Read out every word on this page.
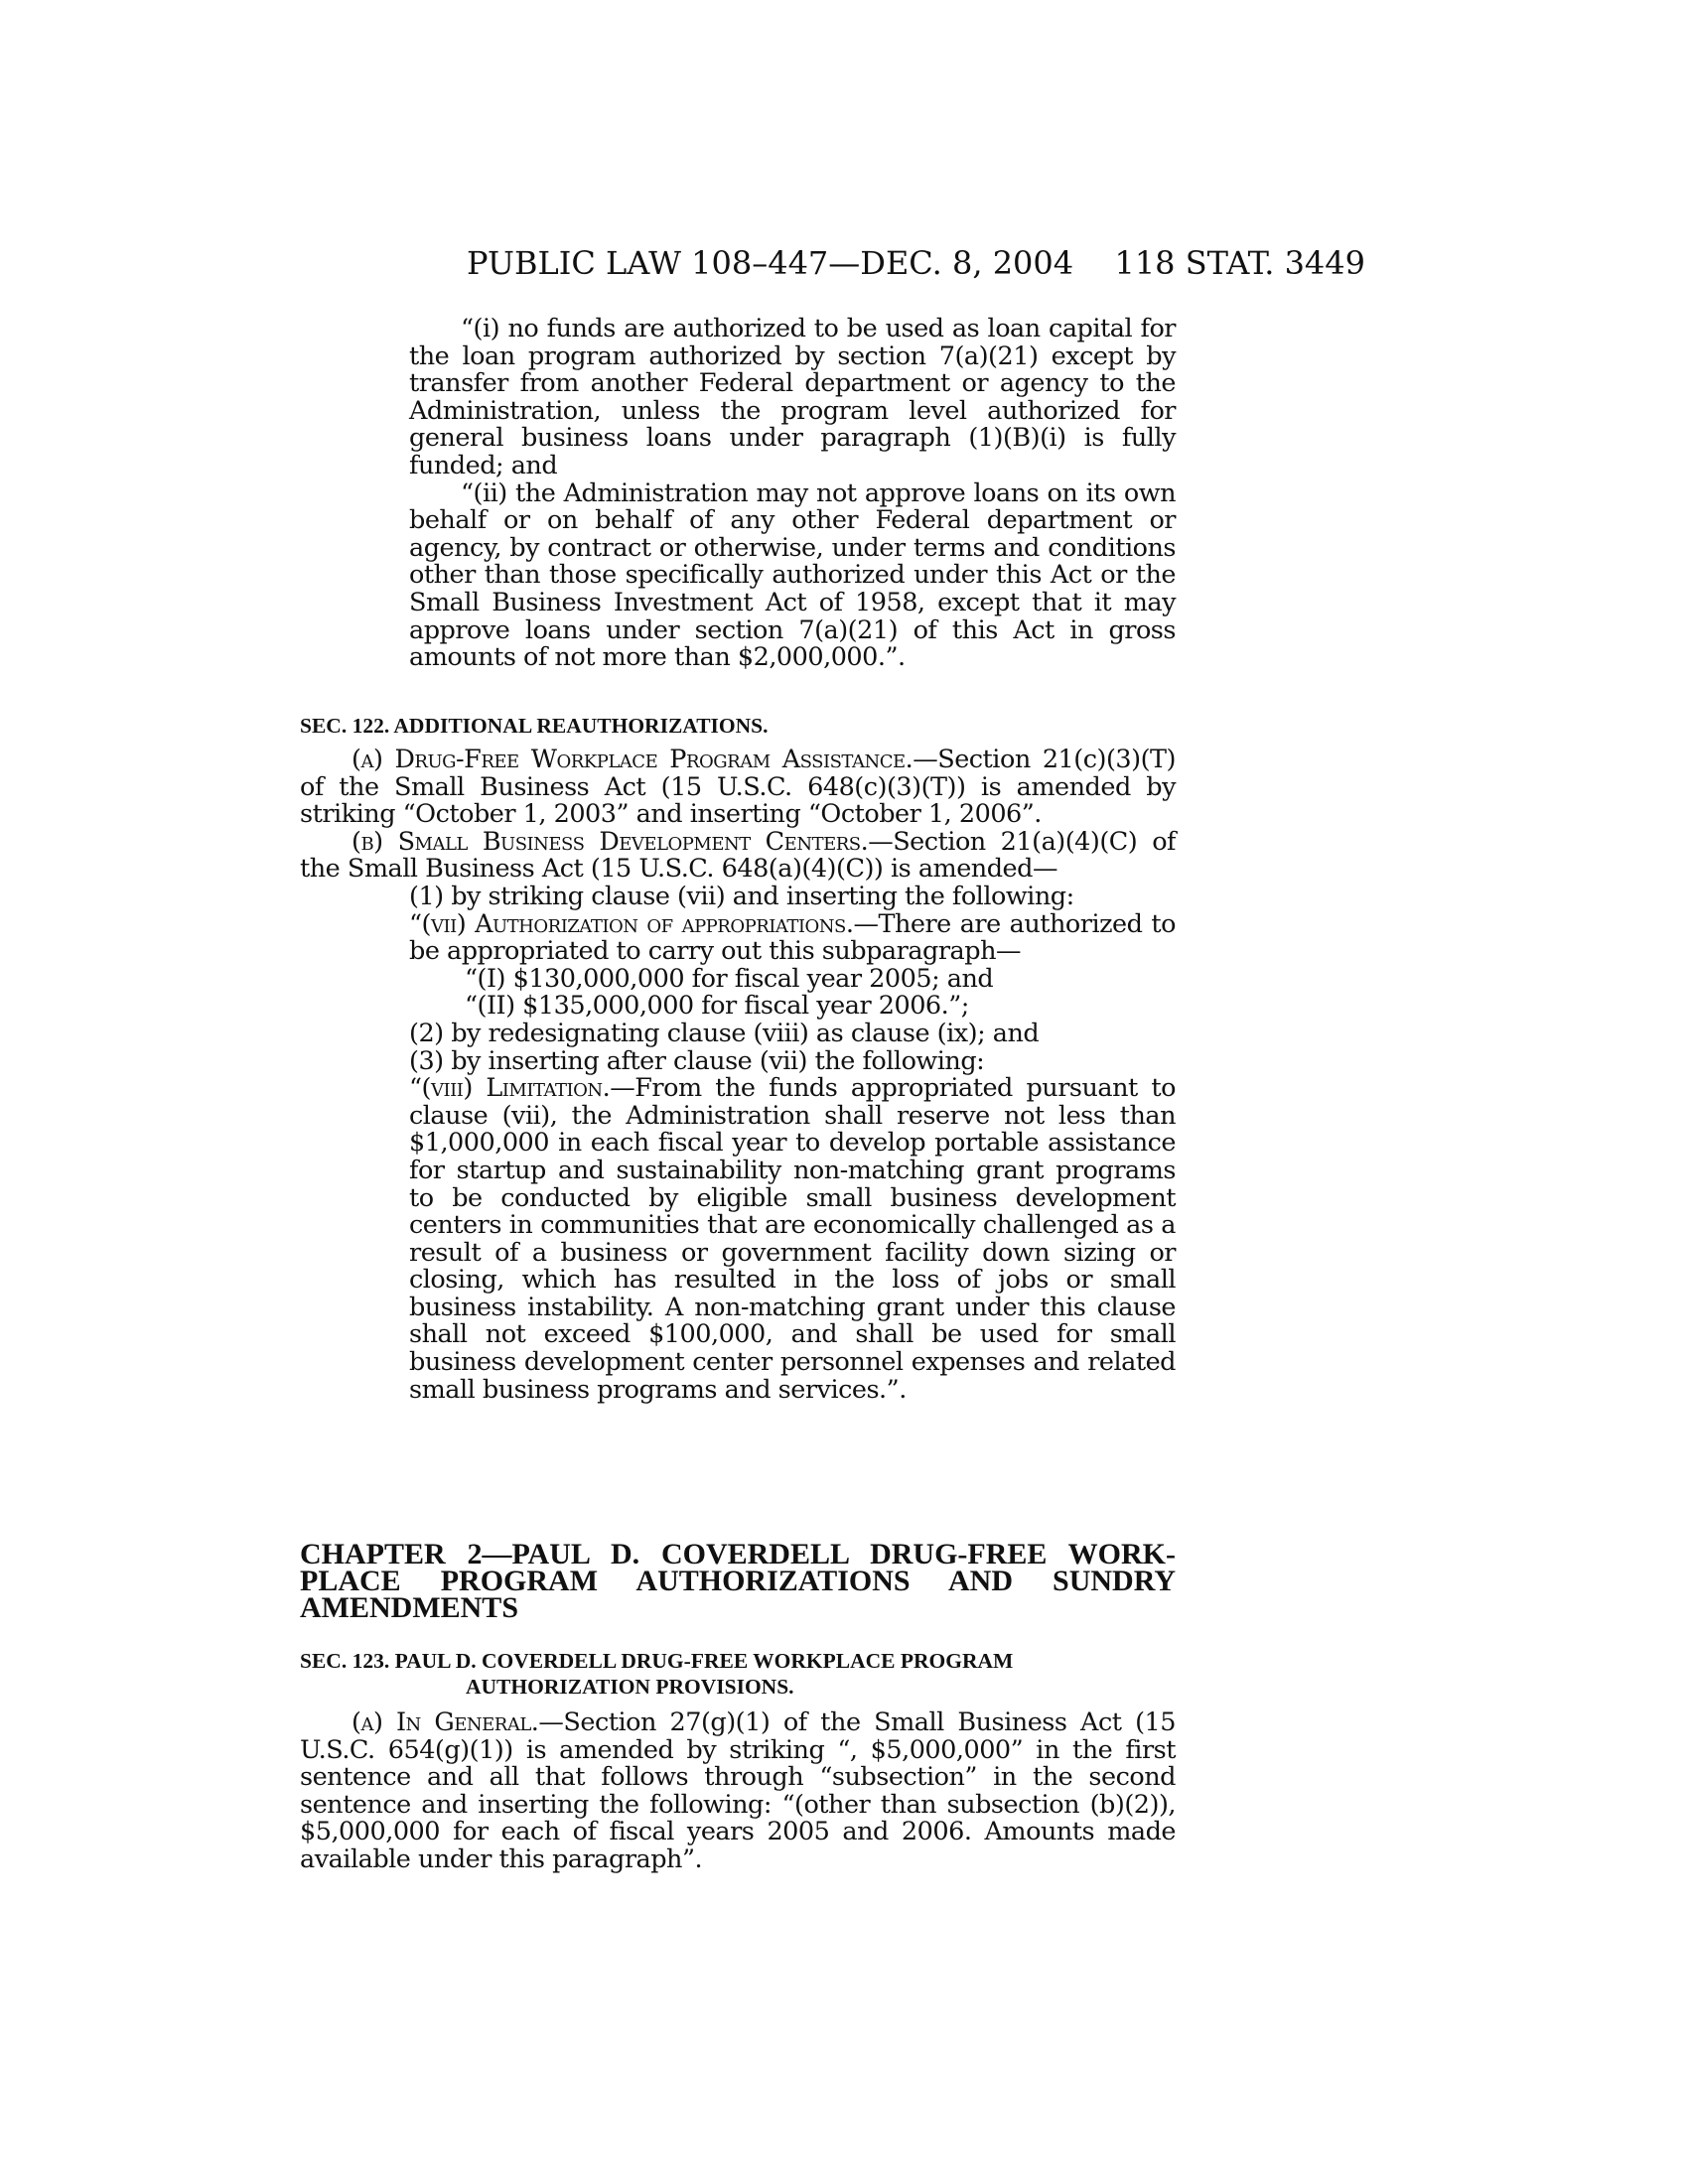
PUBLIC LAW 108–447—DEC. 8, 2004 118 STAT. 3449

“(i) no funds are authorized to be used as loan capital for the loan program authorized by section 7(a)(21) except by transfer from another Federal department or agency to the Administration, unless the program level authorized for general business loans under paragraph (1)(B)(i) is fully funded; and

“(ii) the Administration may not approve loans on its own behalf or on behalf of any other Federal department or agency, by contract or otherwise, under terms and conditions other than those specifically authorized under this Act or the Small Business Investment Act of 1958, except that it may approve loans under section 7(a)(21) of this Act in gross amounts of not more than $2,000,000.”.

SEC. 122. ADDITIONAL REAUTHORIZATIONS.

(a) Drug-Free Workplace Program Assistance.—Section 21(c)(3)(T) of the Small Business Act (15 U.S.C. 648(c)(3)(T)) is amended by striking “October 1, 2003” and inserting “October 1, 2006”.

(b) Small Business Development Centers.—Section 21(a)(4)(C) of the Small Business Act (15 U.S.C. 648(a)(4)(C)) is amended—

(1) by striking clause (vii) and inserting the following:

“(vii) Authorization of appropriations.—There are authorized to be appropriated to carry out this subparagraph—

“(I) $130,000,000 for fiscal year 2005; and

“(II) $135,000,000 for fiscal year 2006.”;

(2) by redesignating clause (viii) as clause (ix); and

(3) by inserting after clause (vii) the following:

“(viii) Limitation.—From the funds appropriated pursuant to clause (vii), the Administration shall reserve not less than $1,000,000 in each fiscal year to develop portable assistance for startup and sustainability non-matching grant programs to be conducted by eligible small business development centers in communities that are economically challenged as a result of a business or government facility down sizing or closing, which has resulted in the loss of jobs or small business instability. A non-matching grant under this clause shall not exceed $100,000, and shall be used for small business development center personnel expenses and related small business programs and services.”.

CHAPTER 2—PAUL D. COVERDELL DRUG-FREE WORK-PLACE PROGRAM AUTHORIZATIONS AND SUNDRY AMENDMENTS
SEC. 123. PAUL D. COVERDELL DRUG-FREE WORKPLACE PROGRAM
AUTHORIZATION PROVISIONS.

(a) In General.—Section 27(g)(1) of the Small Business Act (15 U.S.C. 654(g)(1)) is amended by striking “, $5,000,000” in the first sentence and all that follows through “subsection” in the second sentence and inserting the following: “(other than subsection (b)(2)), $5,000,000 for each of fiscal years 2005 and 2006. Amounts made available under this paragraph”.
